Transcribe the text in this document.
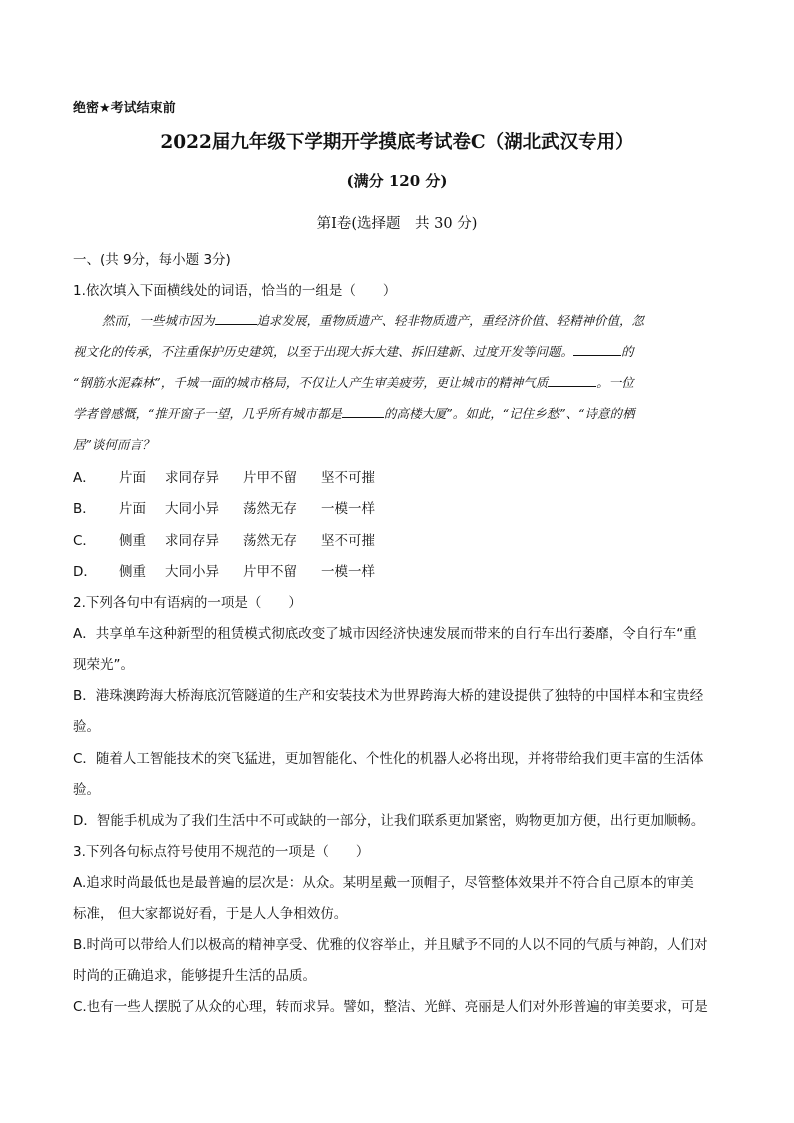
绝密★考试结束前
2022届九年级下学期开学摸底考试卷C（湖北武汉专用）
(满分 120 分)
第Ⅰ卷(选择题　共 30 分)
一、(共 9分，每小题 3分)
1.依次填入下面横线处的词语，恰当的一组是（　　）
然而，一些城市因为	追求发展，重物质遗产、轻非物质遗产，重经济价值、轻精神价值，忽
视文化的传承，不注重保护历史建筑，以至于出现大拆大建、拆旧建新、过度开发等问题。	的
“钢筋水泥森林”，千城一面的城市格局，不仅让人产生审美疲劳，更让城市的精神气质	。一位
学者曾感慨，“推开窗子一望，几乎所有城市都是	的高楼大厦”。如此，“记住乡愁”、“诗意的栖
居”谈何而言？
A． 片面 求同存异 片甲不留 坚不可摧
B． 片面 大同小异 荡然无存 一模一样
C． 侧重 求同存异 荡然无存 坚不可摧
D． 侧重 大同小异 片甲不留 一模一样
2.下列各句中有语病的一项是（　　）
A．共享单车这种新型的租赁模式彻底改变了城市因经济快速发展而带来的自行车出行萎靡，令自行车“重
现荣光”。
B．港珠澳跨海大桥海底沉管隧道的生产和安装技术为世界跨海大桥的建设提供了独特的中国样本和宝贵经
验。
C．随着人工智能技术的突飞猛进，更加智能化、个性化的机器人必将出现，并将带给我们更丰富的生活体
验。
D．智能手机成为了我们生活中不可或缺的一部分，让我们联系更加紧密，购物更加方便，出行更加顺畅。
3.下列各句标点符号使用不规范的一项是（　　）
A.追求时尚最低也是最普遍的层次是：从众。某明星戴一顶帽子，尽管整体效果并不符合自己原本的审美
标准， 但大家都说好看，于是人人争相效仿。
B.时尚可以带给人们以极高的精神享受、优雅的仪容举止，并且赋予不同的人以不同的气质与神韵，人们对
时尚的正确追求，能够提升生活的品质。
C.也有一些人摆脱了从众的心理，转而求异。譬如，整洁、光鲜、亮丽是人们对外形普遍的审美要求，可是
